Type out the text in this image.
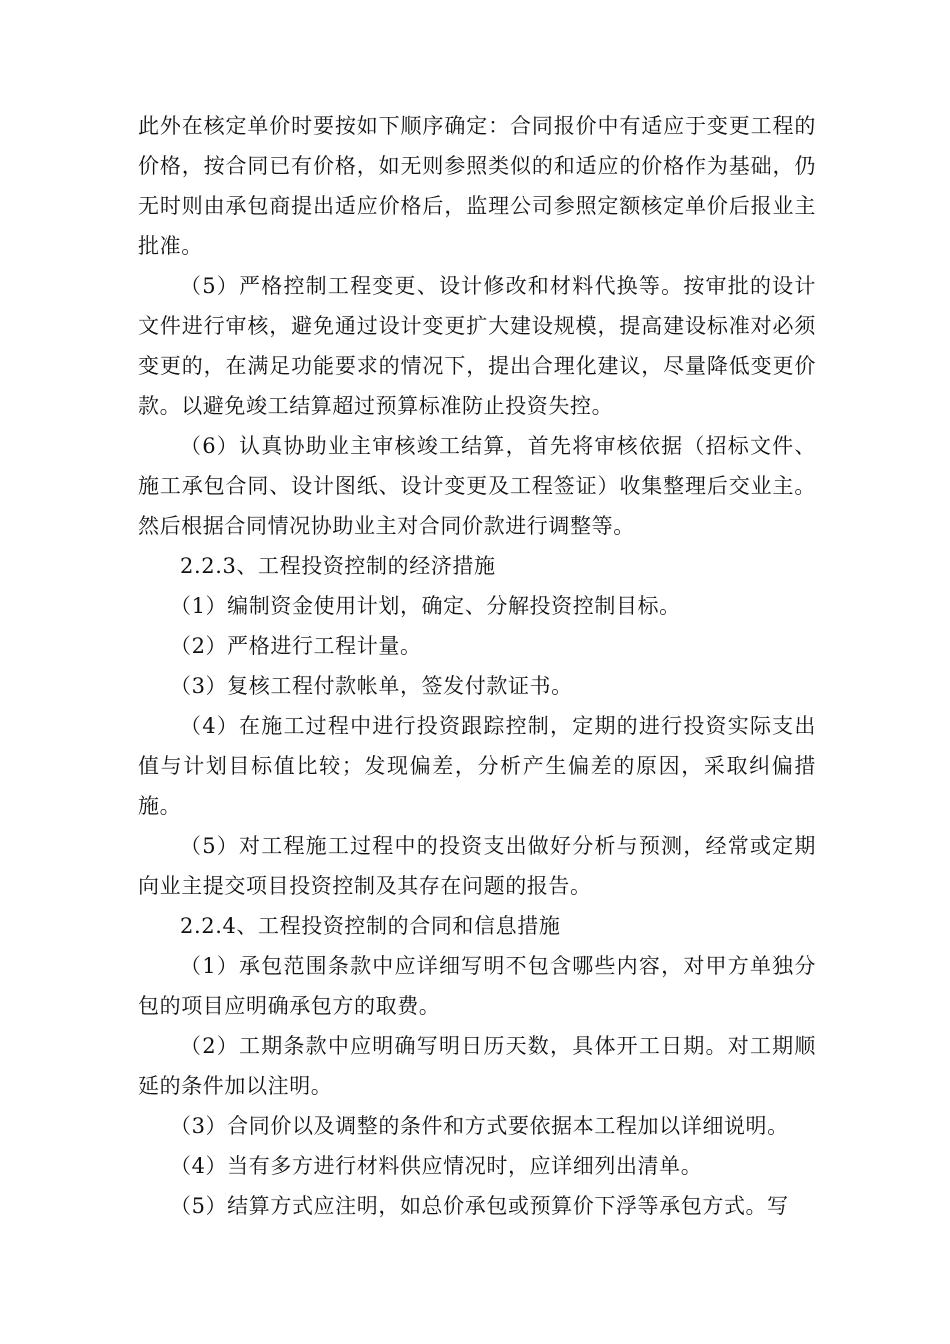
此外在核定单价时要按如下顺序确定：合同报价中有适应于变更工程的价格，按合同已有价格，如无则参照类似的和适应的价格作为基础，仍无时则由承包商提出适应价格后，监理公司参照定额核定单价后报业主批准。

（5）严格控制工程变更、设计修改和材料代换等。按审批的设计文件进行审核，避免通过设计变更扩大建设规模，提高建设标准对必须变更的，在满足功能要求的情况下，提出合理化建议，尽量降低变更价款。以避免竣工结算超过预算标准防止投资失控。

（6）认真协助业主审核竣工结算，首先将审核依据（招标文件、施工承包合同、设计图纸、设计变更及工程签证）收集整理后交业主。然后根据合同情况协助业主对合同价款进行调整等。

2.2.3、工程投资控制的经济措施

（1）编制资金使用计划，确定、分解投资控制目标。

（2）严格进行工程计量。

（3）复核工程付款帐单，签发付款证书。

（4）在施工过程中进行投资跟踪控制，定期的进行投资实际支出值与计划目标值比较；发现偏差，分析产生偏差的原因，采取纠偏措施。

（5）对工程施工过程中的投资支出做好分析与预测，经常或定期向业主提交项目投资控制及其存在问题的报告。

2.2.4、工程投资控制的合同和信息措施

（1）承包范围条款中应详细写明不包含哪些内容，对甲方单独分包的项目应明确承包方的取费。

（2）工期条款中应明确写明日历天数，具体开工日期。对工期顺延的条件加以注明。

（3）合同价以及调整的条件和方式要依据本工程加以详细说明。

（4）当有多方进行材料供应情况时，应详细列出清单。

（5）结算方式应注明，如总价承包或预算价下浮等承包方式。写
